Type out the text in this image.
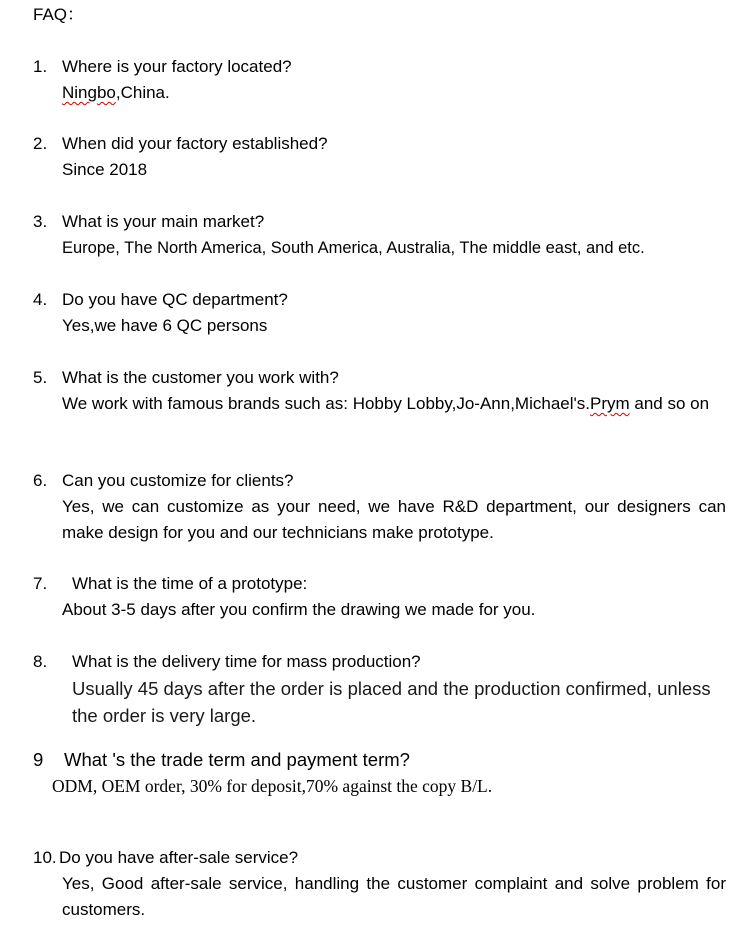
FAQ：
1. Where is your factory located?
Ningbo,China.
2. When did your factory established?
Since 2018
3. What is your main market?
Europe, The North America, South America, Australia, The middle east, and etc.
4. Do you have QC department?
Yes,we have 6 QC persons
5. What is the customer you work with?
We work with famous brands such as: Hobby Lobby,Jo-Ann,Michael's.Prym and so on
6. Can you customize for clients?
Yes, we can customize as your need, we have R&D department, our designers can make design for you and our technicians make prototype.
7. What is the time of a prototype:
About 3-5 days after you confirm the drawing we made for you.
8. What is the delivery time for mass production?
Usually 45 days after the order is placed and the production confirmed, unless the order is very large.
9 What 's the trade term and payment term?
ODM, OEM order, 30% for deposit,70% against the copy B/L.
10. Do you have after-sale service?
Yes, Good after-sale service, handling the customer complaint and solve problem for customers.
